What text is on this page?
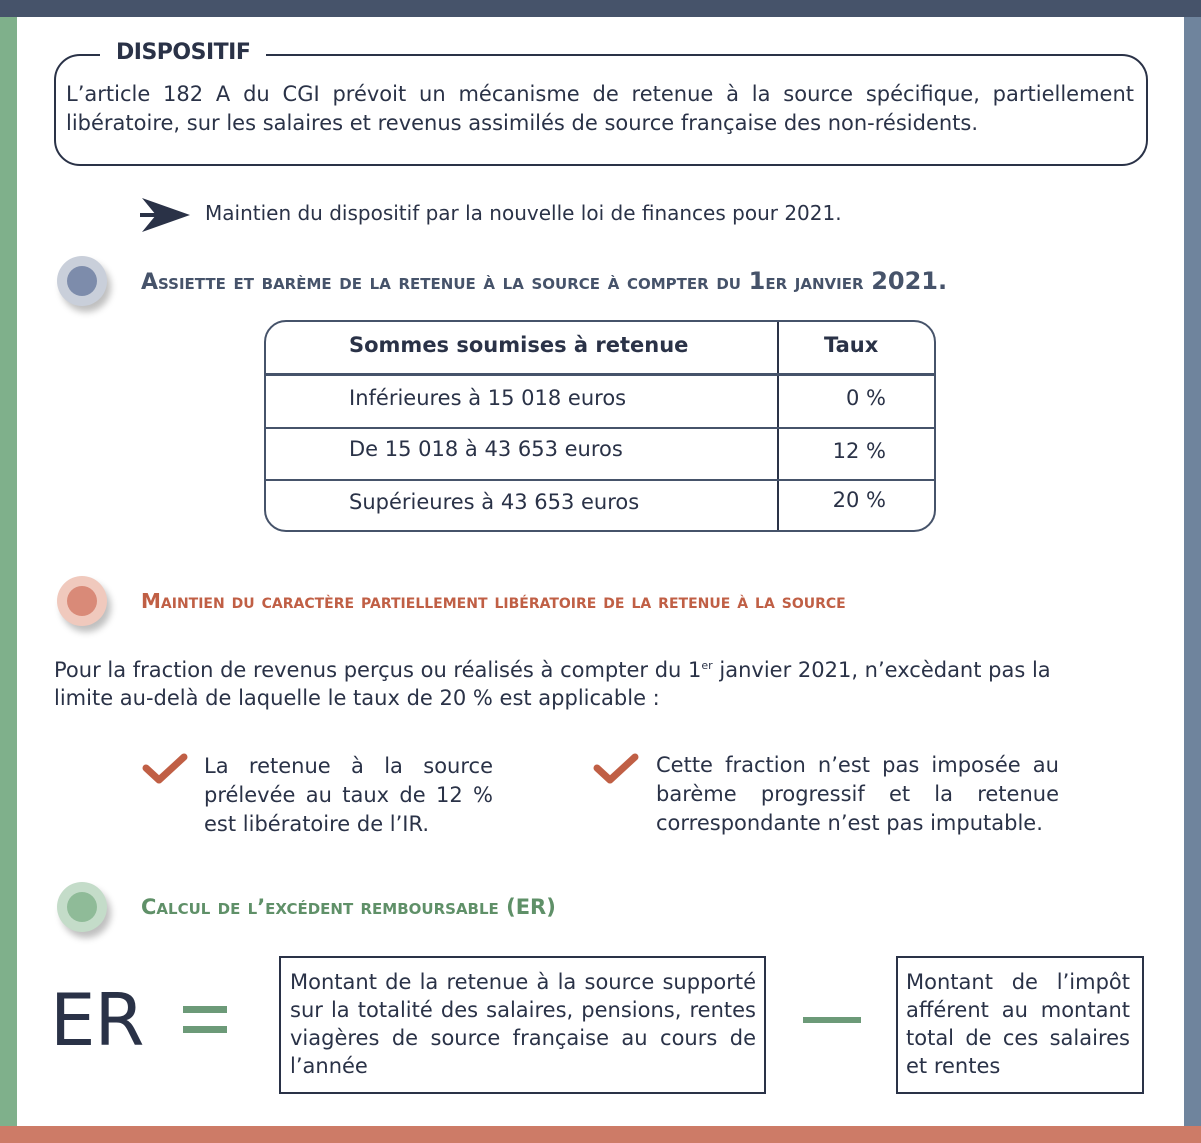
DISPOSITIF
L’article 182 A du CGI prévoit un mécanisme de retenue à la source spécifique, partiellement
libératoire, sur les salaires et revenus assimilés de source française des non-résidents.
Maintien du dispositif par la nouvelle loi de finances pour 2021.
Assiette et barème de la retenue à la source à compter du 1er janvier 2021.
Sommes soumises à retenue	Taux
Inférieures à 15 018 euros	0 %
De 15 018 à 43 653 euros	12 %
Supérieures à 43 653 euros	20 %
Maintien du caractère partiellement libératoire de la retenue à la source
Pour la fraction de revenus perçus ou réalisés à compter du 1er janvier 2021, n’excèdant pas la limite au-delà de laquelle le taux de 20 % est applicable :
La retenue à la source prélevée au taux de 12 % est libératoire de l’IR.
Cette fraction n’est pas imposée au barème progressif et la retenue correspondante n’est pas imputable.
Calcul de l’excédent remboursable (ER)
ER	Montant de la retenue à la source supporté sur la totalité des salaires, pensions, rentes viagères de source française au cours de l’année
Montant de l’impôt afférent au montant total de ces salaires et rentes
